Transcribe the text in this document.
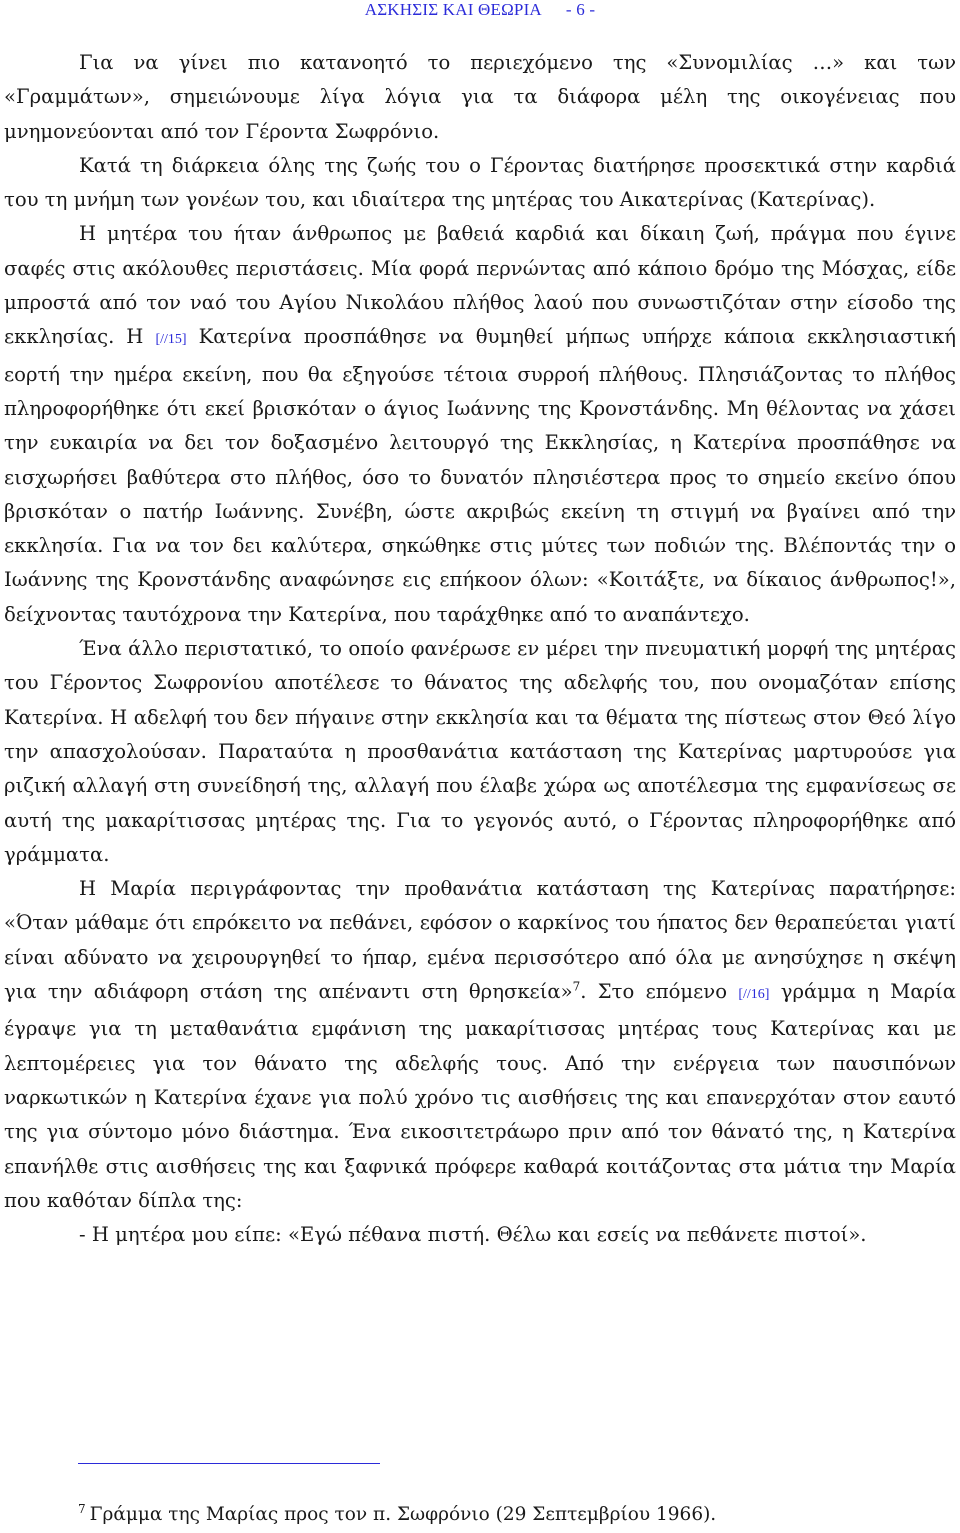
ΑΣΚΗΣΙΣ ΚΑΙ ΘΕΩΡΙΑ - 6 -

Για να γίνει πιο κατανοητό το περιεχόμενο της «Συνομιλίας …» και των «Γραμμάτων», σημειώνουμε λίγα λόγια για τα διάφορα μέλη της οικογένειας που μνημονεύονται από τον Γέροντα Σωφρόνιο.

Κατά τη διάρκεια όλης της ζωής του ο Γέροντας διατήρησε προσεκτικά στην καρδιά του τη μνήμη των γονέων του, και ιδιαίτερα της μητέρας του Αικατερίνας (Κατερίνας).

Η μητέρα του ήταν άνθρωπος με βαθειά καρδιά και δίκαιη ζωή, πράγμα που έγινε σαφές στις ακόλουθες περιστάσεις. Μία φορά περνώντας από κάποιο δρόμο της Μόσχας, είδε μπροστά από τον ναό του Αγίου Νικολάου πλήθος λαού που συνωστιζόταν στην είσοδο της εκκλησίας. Η [//15] Κατερίνα προσπάθησε να θυμηθεί μήπως υπήρχε κάποια εκκλησιαστική εορτή την ημέρα εκείνη, που θα εξηγούσε τέτοια συρροή πλήθους. Πλησιάζοντας το πλήθος πληροφορήθηκε ότι εκεί βρισκόταν ο άγιος Ιωάννης της Κρονστάνδης. Μη θέλοντας να χάσει την ευκαιρία να δει τον δοξασμένο λειτουργό της Εκκλησίας, η Κατερίνα προσπάθησε να εισχωρήσει βαθύτερα στο πλήθος, όσο το δυνατόν πλησιέστερα προς το σημείο εκείνο όπου βρισκόταν ο πατήρ Ιωάννης. Συνέβη, ώστε ακριβώς εκείνη τη στιγμή να βγαίνει από την εκκλησία. Για να τον δει καλύτερα, σηκώθηκε στις μύτες των ποδιών της. Βλέποντάς την ο Ιωάννης της Κρονστάνδης αναφώνησε εις επήκοον όλων: «Κοιτάξτε, να δίκαιος άνθρωπος!», δείχνοντας ταυτόχρονα την Κατερίνα, που ταράχθηκε από το αναπάντεχο.

Ένα άλλο περιστατικό, το οποίο φανέρωσε εν μέρει την πνευματική μορφή της μητέρας του Γέροντος Σωφρονίου αποτέλεσε το θάνατος της αδελφής του, που ονομαζόταν επίσης Κατερίνα. Η αδελφή του δεν πήγαινε στην εκκλησία και τα θέματα της πίστεως στον Θεό λίγο την απασχολούσαν. Παραταύτα η προσθανάτια κατάσταση της Κατερίνας μαρτυρούσε για ριζική αλλαγή στη συνείδησή της, αλλαγή που έλαβε χώρα ως αποτέλεσμα της εμφανίσεως σε αυτή της μακαρίτισσας μητέρας της. Για το γεγονός αυτό, ο Γέροντας πληροφορήθηκε από γράμματα.

Η Μαρία περιγράφοντας την προθανάτια κατάσταση της Κατερίνας παρατήρησε: «Όταν μάθαμε ότι επρόκειτο να πεθάνει, εφόσον ο καρκίνος του ήπατος δεν θεραπεύεται γιατί είναι αδύνατο να χειρουργηθεί το ήπαρ, εμένα περισσότερο από όλα με ανησύχησε η σκέψη για την αδιάφορη στάση της απέναντι στη θρησκεία»$^7$. Στο επόμενο [//16] γράμμα η Μαρία έγραψε για τη μεταθανάτια εμφάνιση της μακαρίτισσας μητέρας τους Κατερίνας και με λεπτομέρειες για τον θάνατο της αδελφής τους. Από την ενέργεια των παυσιπόνων ναρκωτικών η Κατερίνα έχανε για πολύ χρόνο τις αισθήσεις της και επανερχόταν στον εαυτό της για σύντομο μόνο διάστημα. Ένα εικοσιτετράωρο πριν από τον θάνατό της, η Κατερίνα επανήλθε στις αισθήσεις της και ξαφνικά πρόφερε καθαρά κοιτάζοντας στα μάτια την Μαρία που καθόταν δίπλα της:

- Η μητέρα μου είπε: «Εγώ πέθανα πιστή. Θέλω και εσείς να πεθάνετε πιστοί».

$^7$ Γράμμα της Μαρίας προς τον π. Σωφρόνιο (29 Σεπτεμβρίου 1966).
